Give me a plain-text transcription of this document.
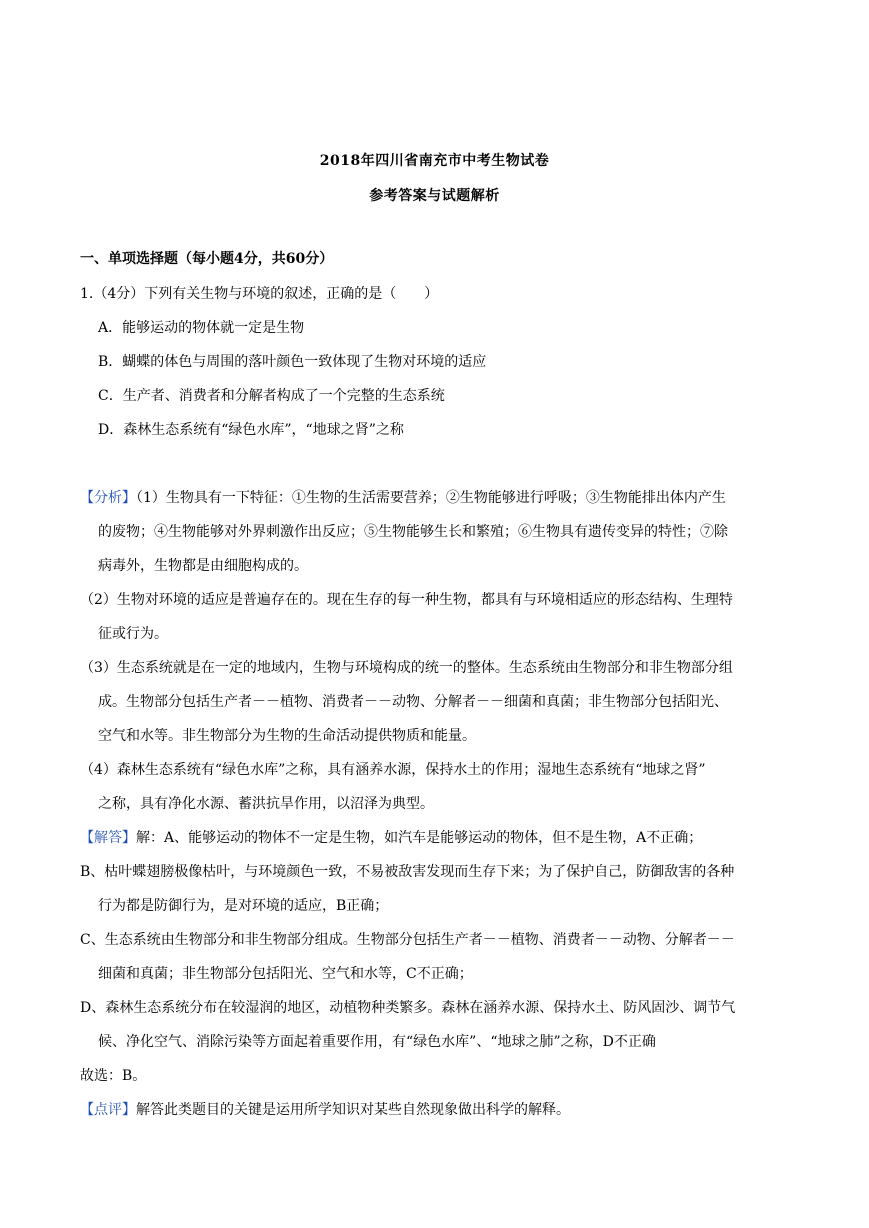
2018年四川省南充市中考生物试卷
参考答案与试题解析
一、单项选择题（每小题4分，共60分）
1.（4分）下列有关生物与环境的叙述，正确的是（　　）
A．能够运动的物体就一定是生物
B．蝴蝶的体色与周围的落叶颜色一致体现了生物对环境的适应
C．生产者、消费者和分解者构成了一个完整的生态系统
D．森林生态系统有“绿色水库”，“地球之肾”之称
【分析】（1）生物具有一下特征：①生物的生活需要营养；②生物能够进行呼吸；③生物能排出体内产生
的废物；④生物能够对外界刺激作出反应；⑤生物能够生长和繁殖；⑥生物具有遗传变异的特性；⑦除
病毒外，生物都是由细胞构成的。
（2）生物对环境的适应是普遍存在的。现在生存的每一种生物，都具有与环境相适应的形态结构、生理特
征或行为。
（3）生态系统就是在一定的地域内，生物与环境构成的统一的整体。生态系统由生物部分和非生物部分组
成。生物部分包括生产者－－植物、消费者－－动物、分解者－－细菌和真菌；非生物部分包括阳光、
空气和水等。非生物部分为生物的生命活动提供物质和能量。
（4）森林生态系统有“绿色水库”之称，具有涵养水源，保持水土的作用；湿地生态系统有“地球之肾”
之称，具有净化水源、蓄洪抗旱作用，以沼泽为典型。
【解答】解：A、能够运动的物体不一定是生物，如汽车是能够运动的物体，但不是生物，A不正确；
B、枯叶蝶翅膀极像枯叶，与环境颜色一致，不易被敌害发现而生存下来；为了保护自己，防御敌害的各种
行为都是防御行为，是对环境的适应，B正确；
C、生态系统由生物部分和非生物部分组成。生物部分包括生产者－－植物、消费者－－动物、分解者－－
细菌和真菌；非生物部分包括阳光、空气和水等，C不正确；
D、森林生态系统分布在较湿润的地区，动植物种类繁多。森林在涵养水源、保持水土、防风固沙、调节气
候、净化空气、消除污染等方面起着重要作用，有“绿色水库”、“地球之肺”之称，D不正确
故选：B。
【点评】解答此类题目的关键是运用所学知识对某些自然现象做出科学的解释。
